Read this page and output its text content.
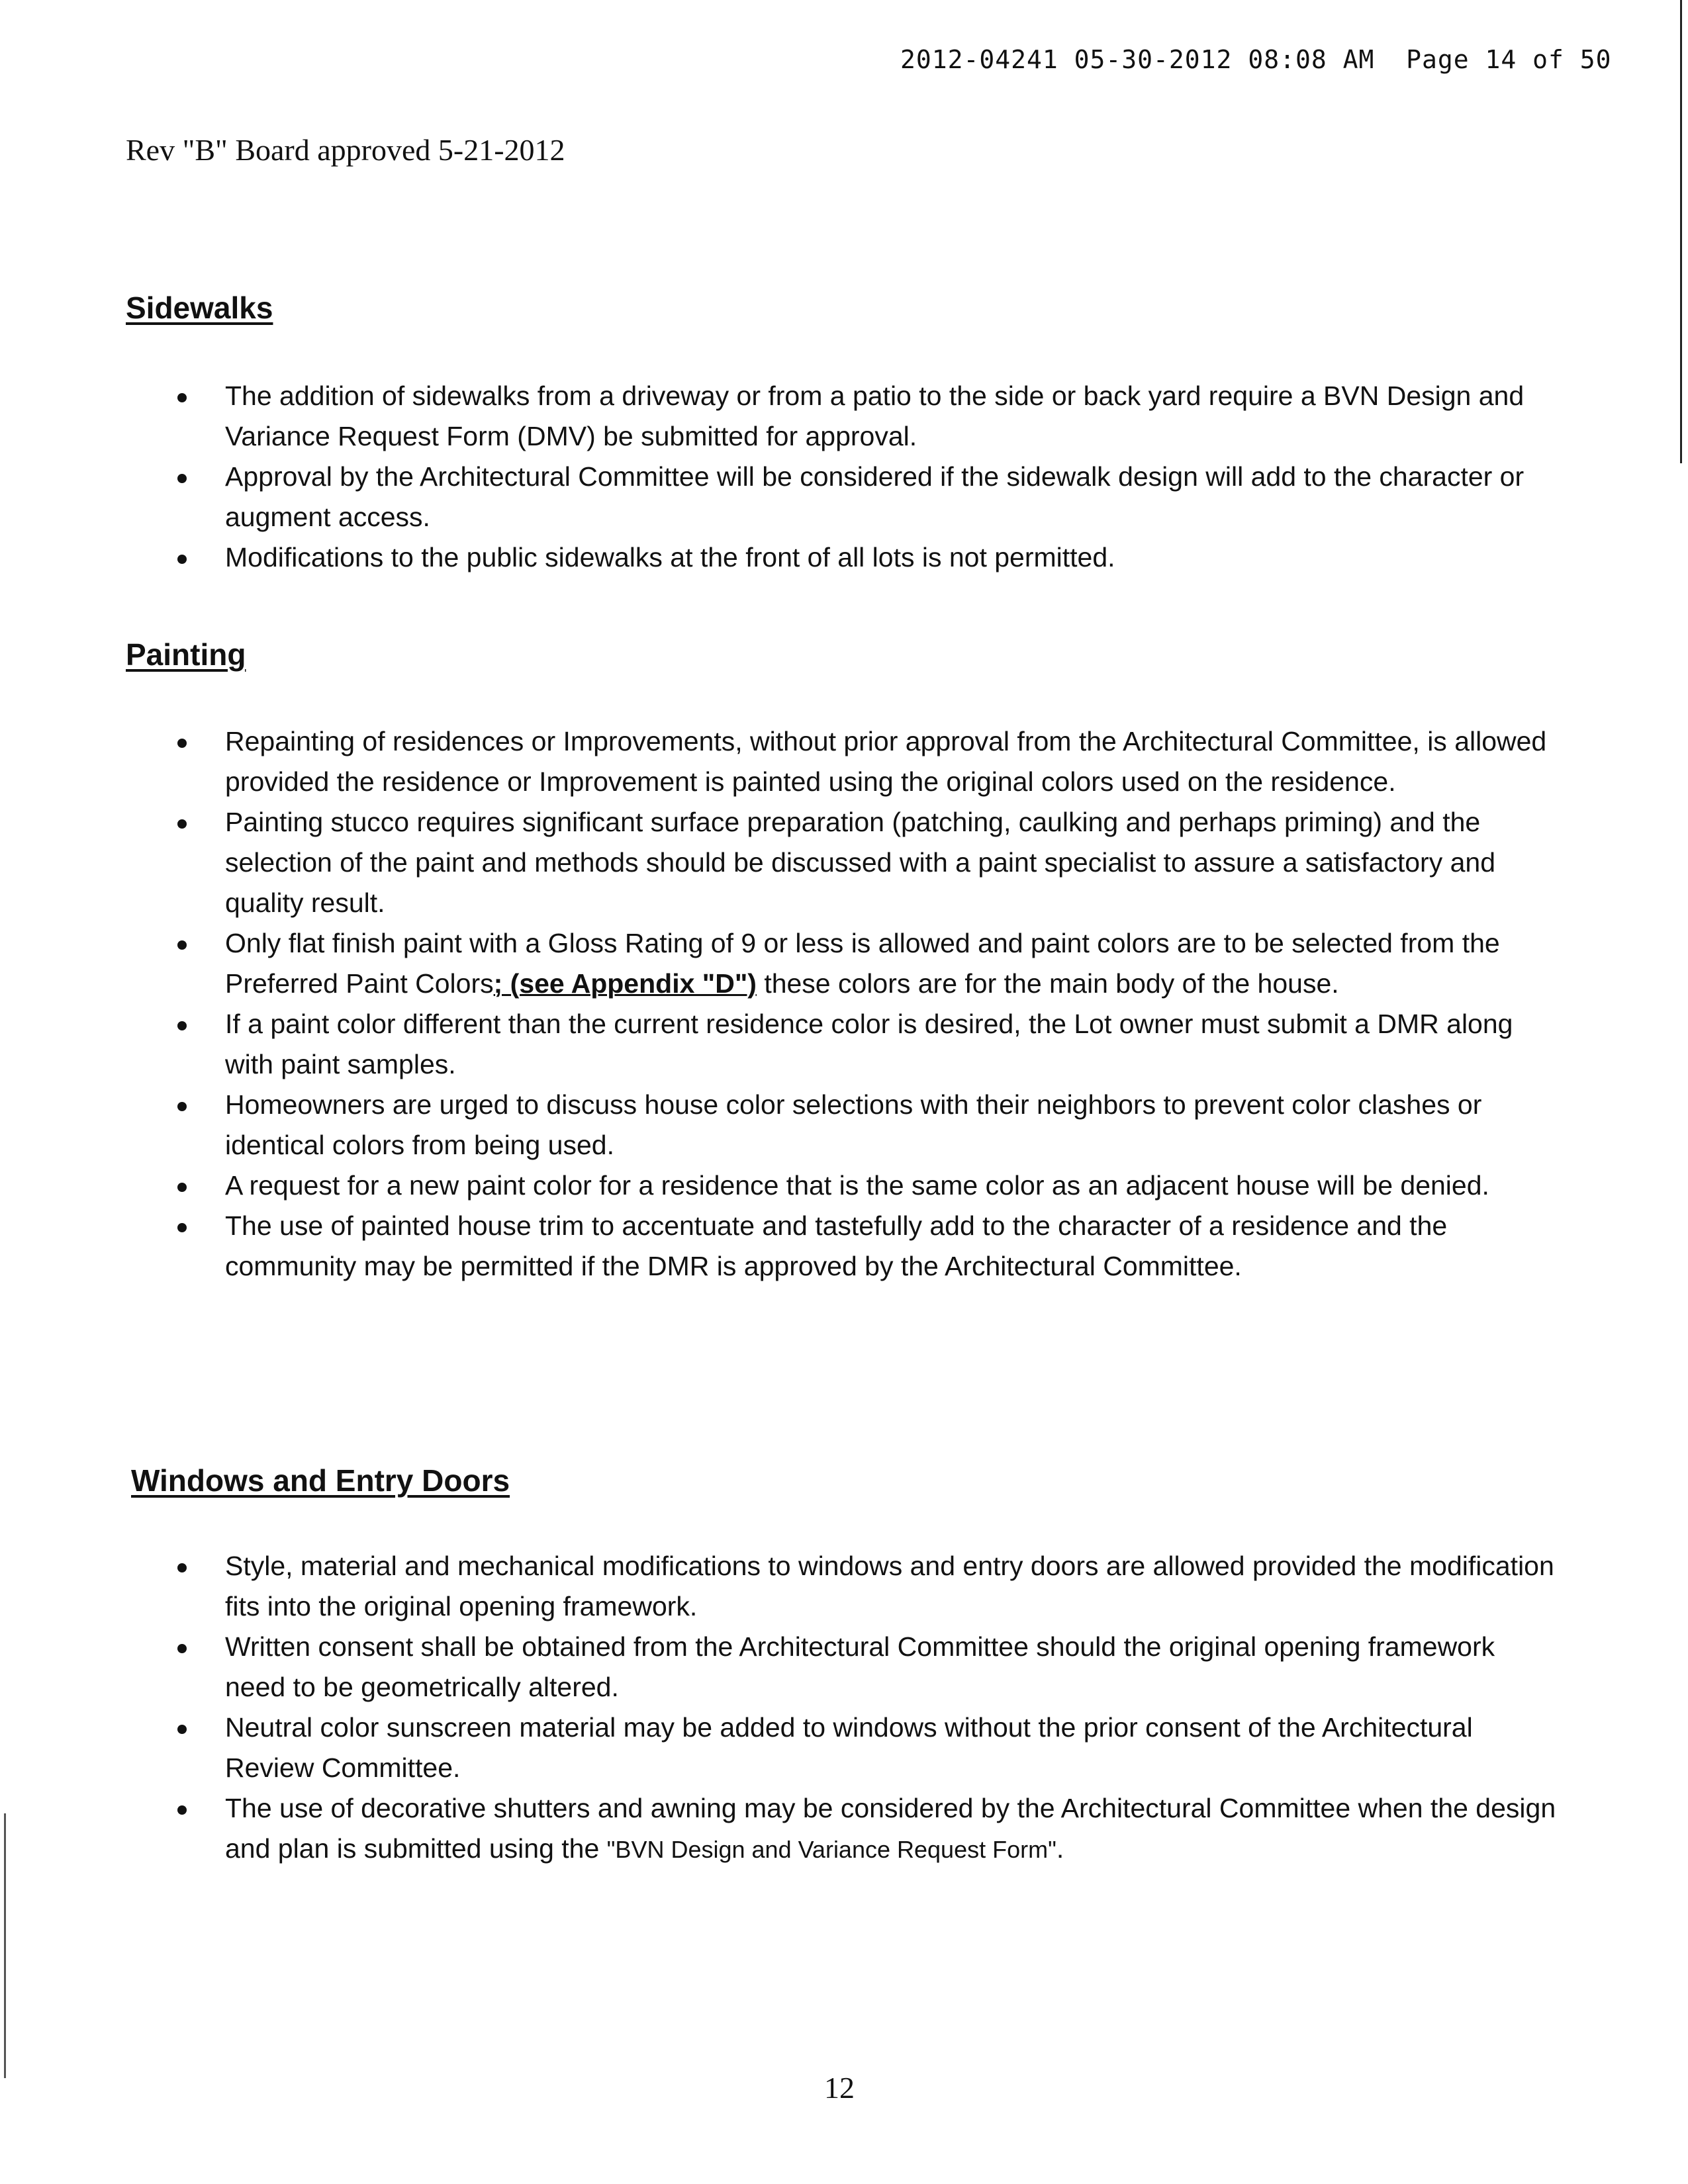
2012-04241 05-30-2012 08:08 AM  Page 14 of 50
Rev "B" Board approved 5-21-2012
Sidewalks
The addition of sidewalks from a driveway or from a patio to the side or back yard require a BVN Design and Variance Request Form (DMV) be submitted for approval.
Approval by the Architectural Committee will be considered if the sidewalk design will add to the character or augment access.
Modifications to the public sidewalks at the front of all lots is not permitted.
Painting
Repainting of residences or Improvements, without prior approval from the Architectural Committee, is allowed provided the residence or Improvement is painted using the original colors used on the residence.
Painting stucco requires significant surface preparation (patching, caulking and perhaps priming) and the selection of the paint and methods should be discussed with a paint specialist to assure a satisfactory and quality result.
Only flat finish paint with a Gloss Rating of 9 or less is allowed and paint colors are to be selected from the Preferred Paint Colors; (see Appendix "D") these colors are for the main body of the house.
If a paint color different than the current residence color is desired, the Lot owner must submit a DMR along with paint samples.
Homeowners are urged to discuss house color selections with their neighbors to prevent color clashes or identical colors from being used.
A request for a new paint color for a residence that is the same color as an adjacent house will be denied.
The use of painted house trim to accentuate and tastefully add to the character of a residence and the community may be permitted if the DMR is approved by the Architectural Committee.
Windows and Entry Doors
Style, material and mechanical modifications to windows and entry doors are allowed provided the modification fits into the original opening framework.
Written consent shall be obtained from the Architectural Committee should the original opening framework need to be geometrically altered.
Neutral color sunscreen material may be added to windows without the prior consent of the Architectural Review Committee.
The use of decorative shutters and awning may be considered by the Architectural Committee when the design and plan is submitted using the "BVN Design and Variance Request Form".
12
